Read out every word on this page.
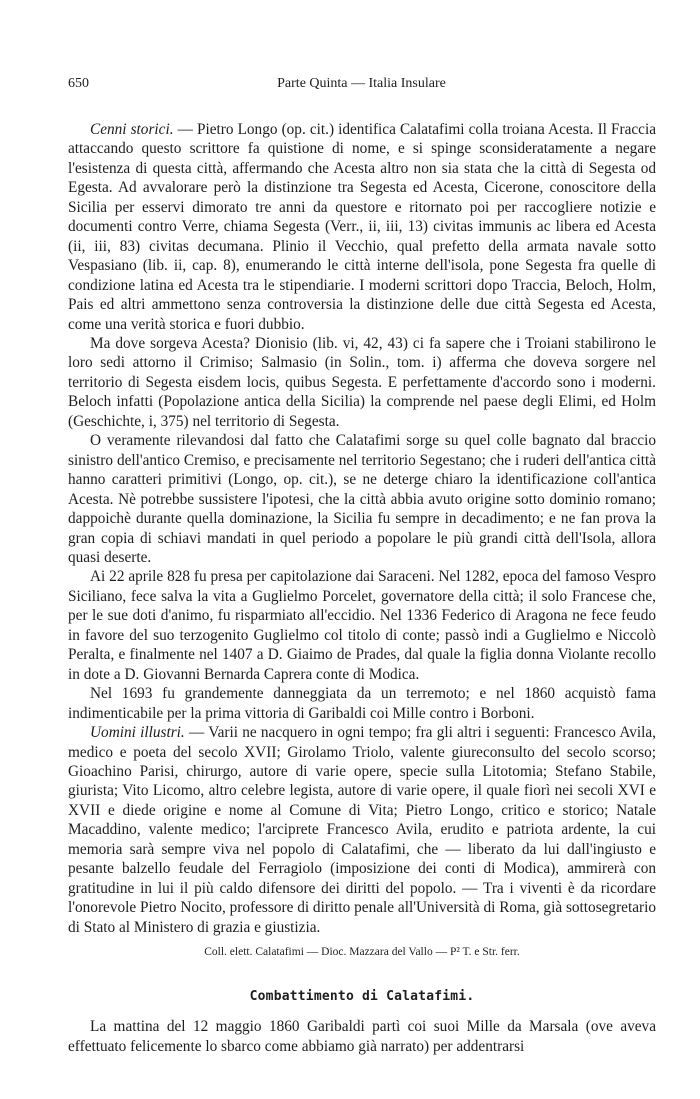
650	Parte Quinta — Italia Insulare

Cenni storici. — Pietro Longo (op. cit.) identifica Calatafimi colla troiana Acesta. Il Fraccia attaccando questo scrittore fa quistione di nome, e si spinge sconsideratamente a negare l'esistenza di questa città, affermando che Acesta altro non sia stata che la città di Segesta od Egesta. Ad avvalorare però la distinzione tra Segesta ed Acesta, Cicerone, conoscitore della Sicilia per esservi dimorato tre anni da questore e ritornato poi per raccogliere notizie e documenti contro Verre, chiama Segesta (Verr., ii, iii, 13) civitas immunis ac libera ed Acesta (ii, iii, 83) civitas decumana. Plinio il Vecchio, qual prefetto della armata navale sotto Vespasiano (lib. ii, cap. 8), enumerando le città interne dell'isola, pone Segesta fra quelle di condizione latina ed Acesta tra le stipendiarie. I moderni scrittori dopo Traccia, Beloch, Holm, Pais ed altri ammettono senza controversia la distinzione delle due città Segesta ed Acesta, come una verità storica e fuori dubbio.

Ma dove sorgeva Acesta? Dionisio (lib. vi, 42, 43) ci fa sapere che i Troiani stabilirono le loro sedi attorno il Crimiso; Salmasio (in Solin., tom. i) afferma che doveva sorgere nel territorio di Segesta eisdem locis, quibus Segesta. E perfettamente d'accordo sono i moderni. Beloch infatti (Popolazione antica della Sicilia) la comprende nel paese degli Elimi, ed Holm (Geschichte, i, 375) nel territorio di Segesta.

O veramente rilevandosi dal fatto che Calatafimi sorge su quel colle bagnato dal braccio sinistro dell'antico Cremiso, e precisamente nel territorio Segestano; che i ruderi dell'antica città hanno caratteri primitivi (Longo, op. cit.), se ne deterge chiaro la identificazione coll'antica Acesta. Nè potrebbe sussistere l'ipotesi, che la città abbia avuto origine sotto dominio romano; dappoichè durante quella dominazione, la Sicilia fu sempre in decadimento; e ne fan prova la gran copia di schiavi mandati in quel periodo a popolare le più grandi città dell'Isola, allora quasi deserte.

Ai 22 aprile 828 fu presa per capitolazione dai Saraceni. Nel 1282, epoca del famoso Vespro Siciliano, fece salva la vita a Guglielmo Porcelet, governatore della città; il solo Francese che, per le sue doti d'animo, fu risparmiato all'eccidio. Nel 1336 Federico di Aragona ne fece feudo in favore del suo terzogenito Guglielmo col titolo di conte; passò indi a Guglielmo e Niccolò Peralta, e finalmente nel 1407 a D. Giaimo de Prades, dal quale la figlia donna Violante recollo in dote a D. Giovanni Bernarda Caprera conte di Modica.

Nel 1693 fu grandemente danneggiata da un terremoto; e nel 1860 acquistò fama indimenticabile per la prima vittoria di Garibaldi coi Mille contro i Borboni.

Uomini illustri. — Varii ne nacquero in ogni tempo; fra gli altri i seguenti: Francesco Avila, medico e poeta del secolo XVII; Girolamo Triolo, valente giureconsulto del secolo scorso; Gioachino Parisi, chirurgo, autore di varie opere, specie sulla Litotomia; Stefano Stabile, giurista; Vito Licomo, altro celebre legista, autore di varie opere, il quale fiorì nei secoli XVI e XVII e diede origine e nome al Comune di Vita; Pietro Longo, critico e storico; Natale Macaddino, valente medico; l'arciprete Francesco Avila, erudito e patriota ardente, la cui memoria sarà sempre viva nel popolo di Calatafimi, che — liberato da lui dall'ingiusto e pesante balzello feudale del Ferragiolo (imposizione dei conti di Modica), ammirerà con gratitudine in lui il più caldo difensore dei diritti del popolo. — Tra i viventi è da ricordare l'onorevole Pietro Nocito, professore di diritto penale all'Università di Roma, già sottosegretario di Stato al Ministero di grazia e giustizia.

Coll. elett. Calatafimi — Dioc. Mazzara del Vallo — P² T. e Str. ferr.
Combattimento di Calatafimi.

La mattina del 12 maggio 1860 Garibaldi partì coi suoi Mille da Marsala (ove aveva effettuato felicemente lo sbarco come abbiamo già narrato) per addentrarsi
